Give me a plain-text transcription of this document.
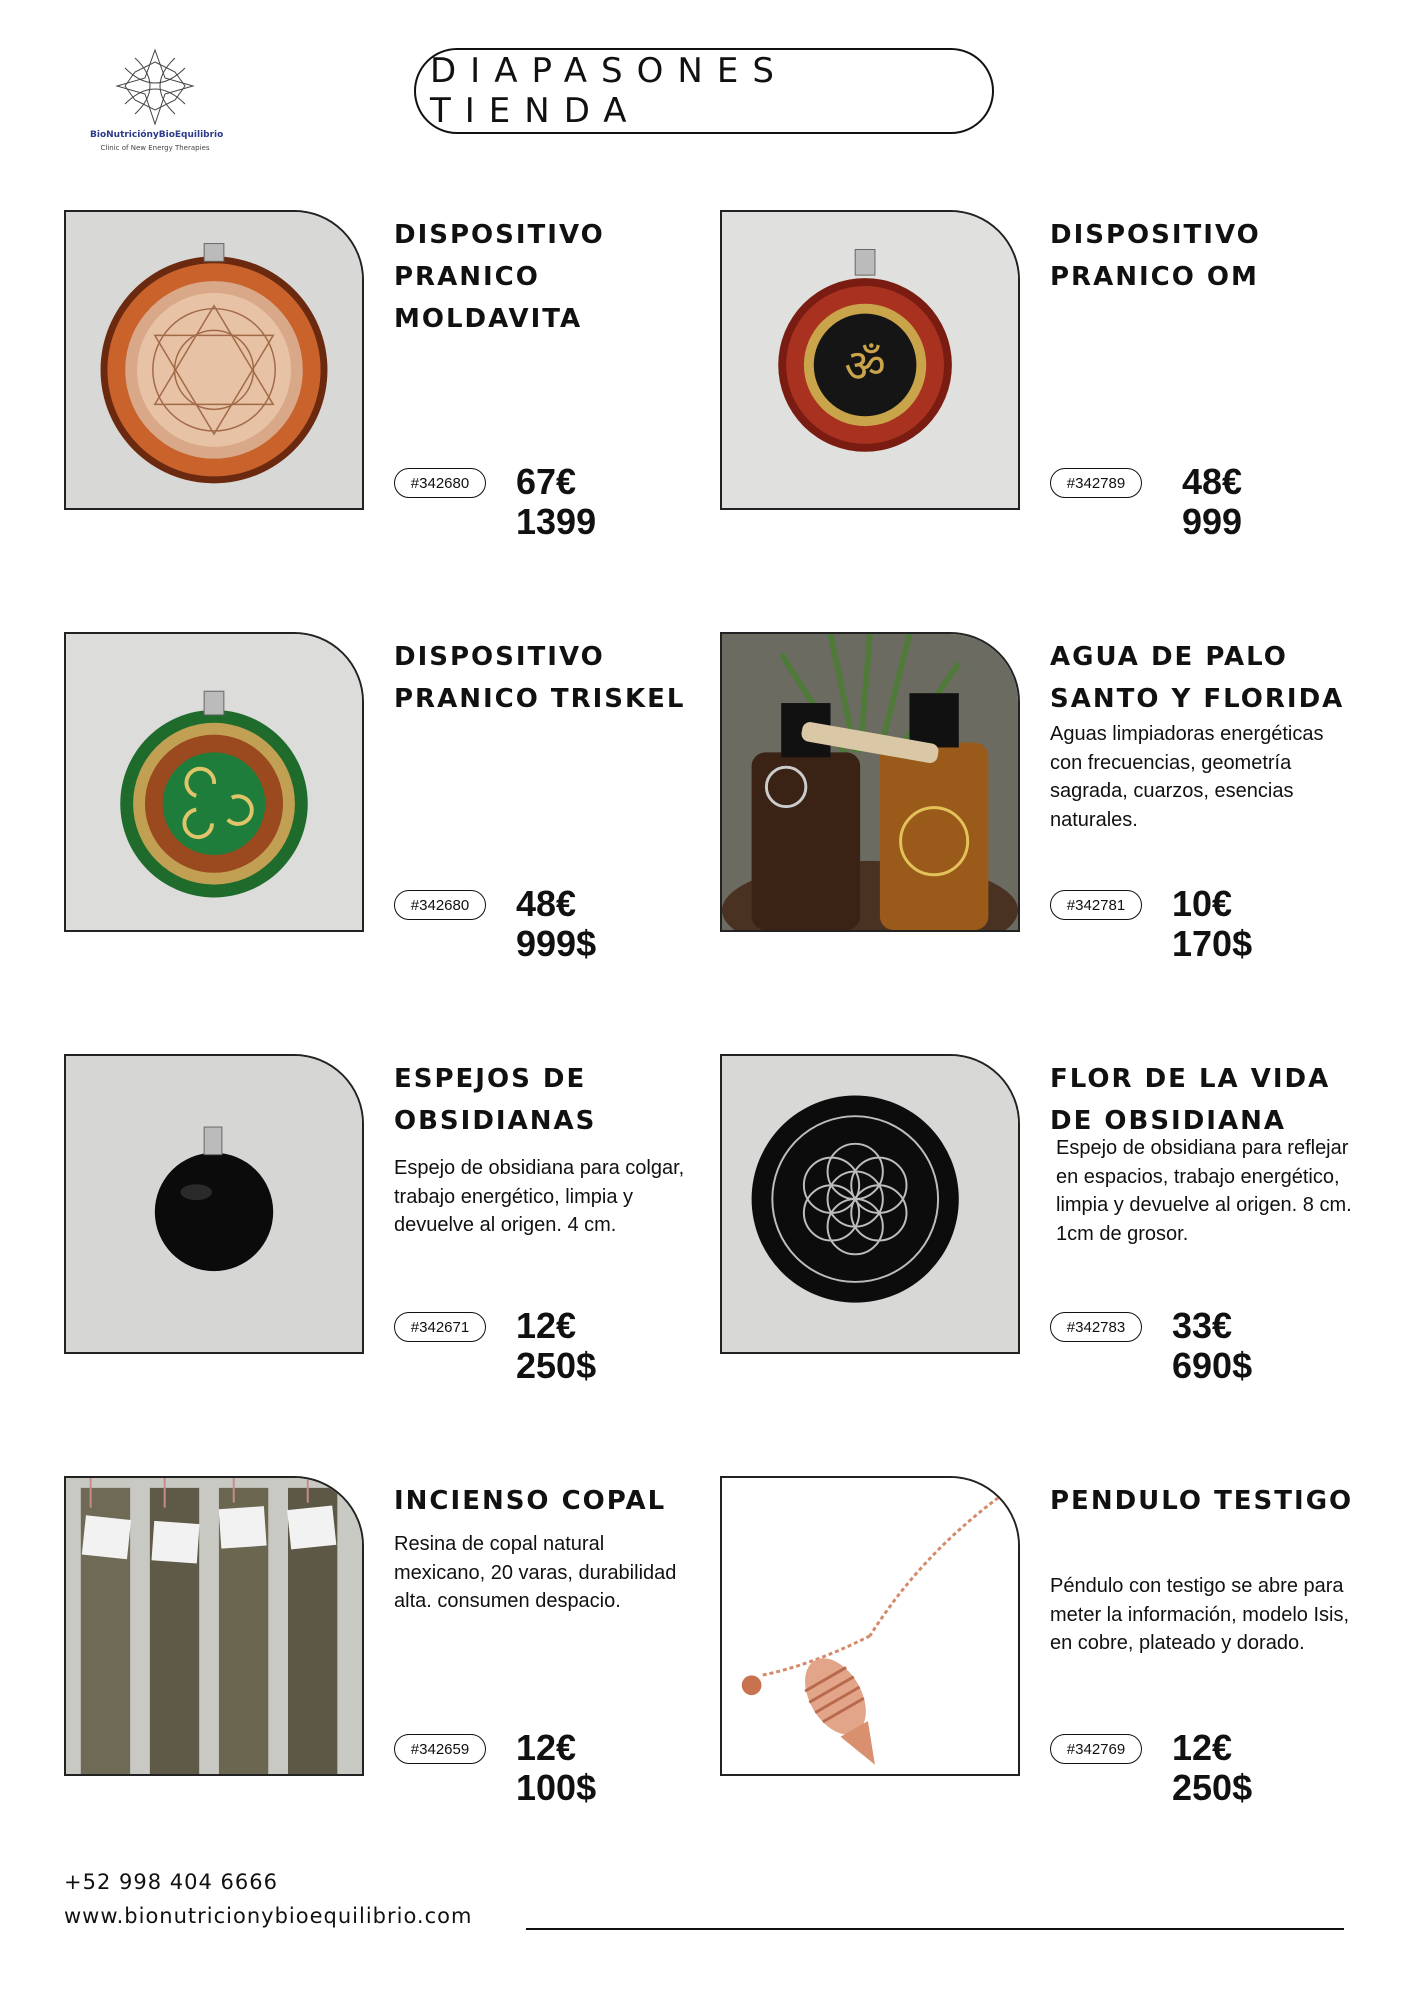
BioNutriciónyBioEquilibrio
Clinic of New Energy Therapies
DIAPASONES TIENDA
DISPOSITIVO PRANICO MOLDAVITA
#342680	67€
1399
ॐ
DISPOSITIVO PRANICO OM
#342789	48€
999
DISPOSITIVO PRANICO TRISKEL
#342680	48€
999$
AGUA DE PALO SANTO Y FLORIDA
Aguas limpiadoras energéticas con frecuencias, geometría sagrada, cuarzos, esencias naturales.
#342781	10€
170$
ESPEJOS DE OBSIDIANAS
Espejo de obsidiana para colgar, trabajo energético, limpia y devuelve al origen. 4 cm.
#342671	12€
250$
FLOR DE LA VIDA DE OBSIDIANA
Espejo de obsidiana para reflejar en espacios, trabajo energético, limpia y devuelve al origen. 8 cm. 1cm de grosor.
#342783	33€
690$
INCIENSO COPAL
Resina de copal natural mexicano, 20 varas, durabilidad alta. consumen despacio.
#342659	12€
100$
PENDULO TESTIGO
Péndulo con testigo se abre para meter la información, modelo Isis, en cobre, plateado y dorado.
#342769	12€
250$
+52 998 404 6666
www.bionutricionybioequilibrio.com
